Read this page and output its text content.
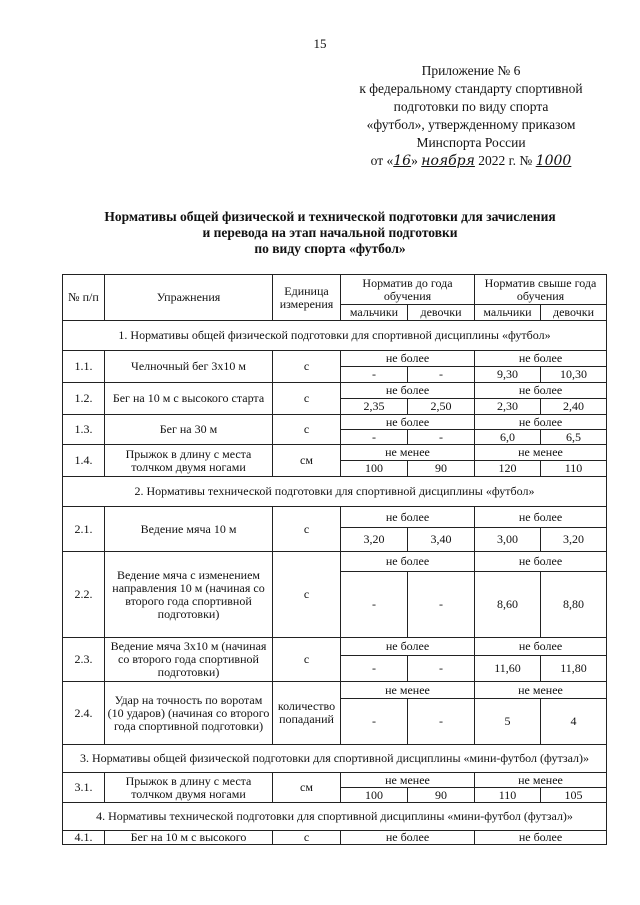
15
Приложение № 6
к федеральному стандарту спортивной
подготовки по виду спорта
«футбол», утвержденному приказом
Минспорта России
от «16» ноября 2022 г. № 1000
Нормативы общей физической и технической подготовки для зачисления
и перевода на этап начальной подготовки
по виду спорта «футбол»
№ п/п	Упражнения	Единица измерения	Норматив до года обучения		Норматив свыше года обучения	
			мальчики	девочки	мальчики	девочки
1. Нормативы общей физической подготовки для спортивной дисциплины «футбол»						
1.1.	Челночный бег 3х10 м	с	не более		не более	
			-	-	9,30	10,30
1.2.	Бег на 10 м с высокого старта	с	не более		не более	
			2,35	2,50	2,30	2,40
1.3.	Бег на 30 м	с	не более		не более	
			-	-	6,0	6,5
1.4.	Прыжок в длину с места толчком двумя ногами	см	не менее		не менее	
			100	90	120	110
2. Нормативы технической подготовки для спортивной дисциплины «футбол»						
2.1.	Ведение мяча 10 м	с	не более		не более	
			3,20	3,40	3,00	3,20
2.2.	Ведение мяча с изменением направления 10 м (начиная со второго года спортивной подготовки)	с	не более		не более	
			-	-	8,60	8,80
2.3.	Ведение мяча 3х10 м (начиная со второго года спортивной подготовки)	с	не более		не более	
			-	-	11,60	11,80
2.4.	Удар на точность по воротам (10 ударов) (начиная со второго года спортивной подготовки)	количество попаданий	не менее		не менее	
			-	-	5	4
3. Нормативы общей физической подготовки для спортивной дисциплины «мини-футбол (футзал)»						
3.1.	Прыжок в длину с места толчком двумя ногами	см	не менее		не менее	
			100	90	110	105
4. Нормативы технической подготовки для спортивной дисциплины «мини-футбол (футзал)»						
4.1.	Бег на 10 м с высокого	с	не более		не более	
